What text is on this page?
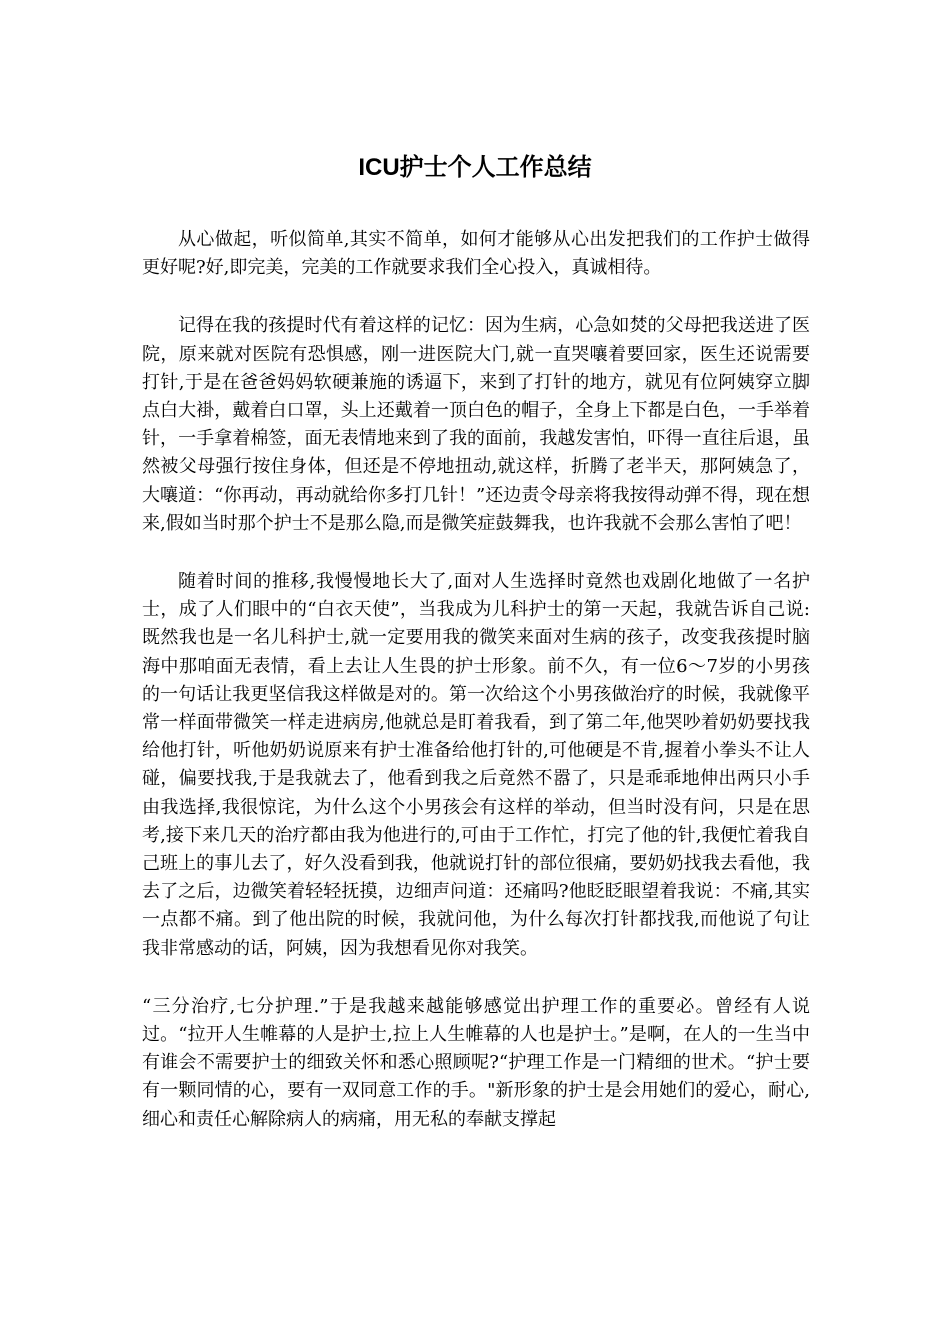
ICU护士个人工作总结

从心做起，听似简单,其实不简单，如何才能够从心出发把我们的工作护士做得更好呢?好,即完美，完美的工作就要求我们全心投入，真诚相待。

记得在我的孩提时代有着这样的记忆：因为生病，心急如焚的父母把我送进了医院，原来就对医院有恐惧感，刚一进医院大门,就一直哭嚷着要回家，医生还说需要打针,于是在爸爸妈妈软硬兼施的诱逼下，来到了打针的地方，就见有位阿姨穿立脚点白大褂，戴着白口罩，头上还戴着一顶白色的帽子，全身上下都是白色，一手举着针，一手拿着棉签，面无表情地来到了我的面前，我越发害怕，吓得一直往后退，虽然被父母强行按住身体，但还是不停地扭动,就这样，折腾了老半天，那阿姨急了，大嚷道：“你再动，再动就给你多打几针！”还边责令母亲将我按得动弹不得，现在想来,假如当时那个护士不是那么隐,而是微笑症鼓舞我，也许我就不会那么害怕了吧！

随着时间的推移,我慢慢地长大了,面对人生选择时竟然也戏剧化地做了一名护士，成了人们眼中的“白衣天使”，当我成为儿科护士的第一天起，我就告诉自己说:既然我也是一名儿科护士,就一定要用我的微笑来面对生病的孩子，改变我孩提时脑海中那咱面无表情，看上去让人生畏的护士形象。前不久，有一位6～7岁的小男孩的一句话让我更坚信我这样做是对的。第一次给这个小男孩做治疗的时候，我就像平常一样面带微笑一样走进病房,他就总是盯着我看，到了第二年,他哭吵着奶奶要找我给他打针，听他奶奶说原来有护士准备给他打针的,可他硬是不肯,握着小拳头不让人碰，偏要找我,于是我就去了，他看到我之后竟然不嚣了，只是乖乖地伸出两只小手由我选择,我很惊诧，为什么这个小男孩会有这样的举动，但当时没有问，只是在思考,接下来几天的治疗都由我为他进行的,可由于工作忙，打完了他的针,我便忙着我自己班上的事儿去了，好久没看到我，他就说打针的部位很痛，要奶奶找我去看他，我去了之后，边微笑着轻轻抚摸，边细声问道：还痛吗?他眨眨眼望着我说：不痛,其实一点都不痛。到了他出院的时候，我就问他，为什么每次打针都找我,而他说了句让我非常感动的话，阿姨，因为我想看见你对我笑。

“三分治疗,七分护理.”于是我越来越能够感觉出护理工作的重要必。曾经有人说过。“拉开人生帷幕的人是护士,拉上人生帷幕的人也是护士。”是啊，在人的一生当中有谁会不需要护士的细致关怀和悉心照顾呢?“护理工作是一门精细的世术。“护士要有一颗同情的心，要有一双同意工作的手。"新形象的护士是会用她们的爱心，耐心,细心和责任心解除病人的病痛，用无私的奉献支撑起
